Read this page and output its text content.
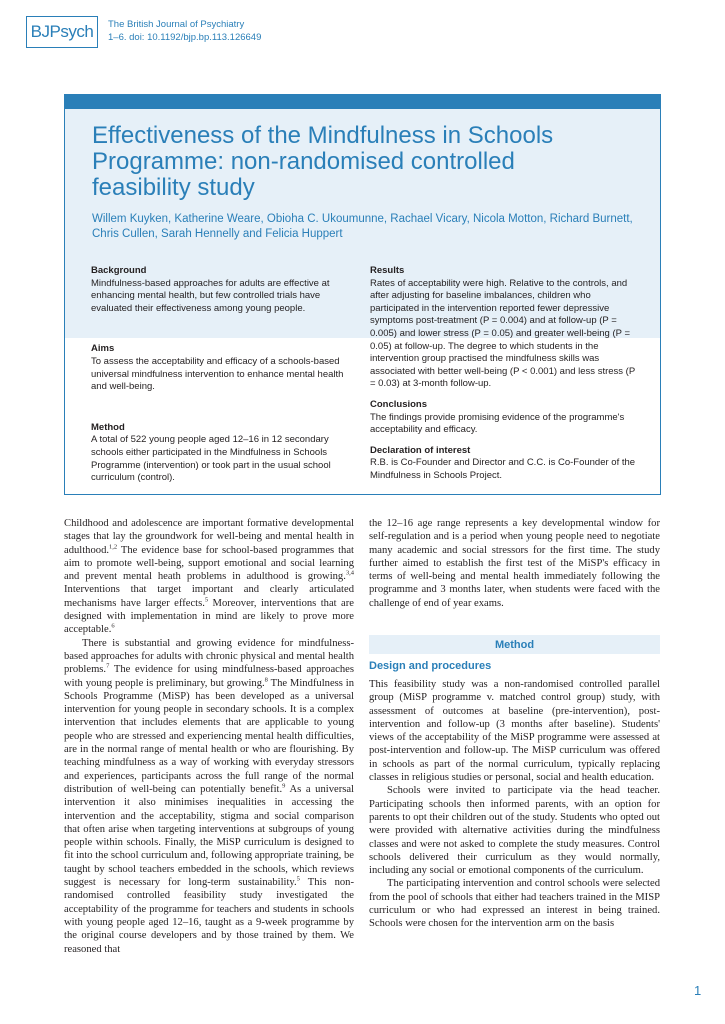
BJPsych The British Journal of Psychiatry
1–6. doi: 10.1192/bjp.bp.113.126649
Effectiveness of the Mindfulness in Schools Programme: non-randomised controlled feasibility study
Willem Kuyken, Katherine Weare, Obioha C. Ukoumunne, Rachael Vicary, Nicola Motton, Richard Burnett, Chris Cullen, Sarah Hennelly and Felicia Huppert

Background

Mindfulness-based approaches for adults are effective at enhancing mental health, but few controlled trials have evaluated their effectiveness among young people.

Aims

To assess the acceptability and efficacy of a schools-based universal mindfulness intervention to enhance mental health and well-being.

Method

A total of 522 young people aged 12–16 in 12 secondary schools either participated in the Mindfulness in Schools Programme (intervention) or took part in the usual school curriculum (control).

Results

Rates of acceptability were high. Relative to the controls, and after adjusting for baseline imbalances, children who participated in the intervention reported fewer depressive symptoms post-treatment (P = 0.004) and at follow-up (P = 0.005) and lower stress (P = 0.05) and greater well-being (P = 0.05) at follow-up. The degree to which students in the intervention group practised the mindfulness skills was associated with better well-being (P < 0.001) and less stress (P = 0.03) at 3-month follow-up.

Conclusions

The findings provide promising evidence of the programme's acceptability and efficacy.

Declaration of interest

R.B. is Co-Founder and Director and C.C. is Co-Founder of the Mindfulness in Schools Project.

Childhood and adolescence are important formative developmental stages that lay the groundwork for well-being and mental health in adulthood.$^{1,2}$ The evidence base for school-based programmes that aim to promote well-being, support emotional and social learning and prevent mental heath problems in adulthood is growing.$^{3,4}$ Interventions that target important and clearly articulated mechanisms have larger effects.$^5$ Moreover, interventions that are designed with implementation in mind are likely to prove more acceptable.$^6$

There is substantial and growing evidence for mindfulness-based approaches for adults with chronic physical and mental health problems.$^7$ The evidence for using mindfulness-based approaches with young people is preliminary, but growing.$^8$ The Mindfulness in Schools Programme (MiSP) has been developed as a universal intervention for young people in secondary schools. It is a complex intervention that includes elements that are applicable to young people who are stressed and experiencing mental health difficulties, are in the normal range of mental health or who are flourishing. By teaching mindfulness as a way of working with everyday stressors and experiences, participants across the full range of the normal distribution of well-being can potentially benefit.$^9$ As a universal intervention it also minimises inequalities in accessing the intervention and the acceptability, stigma and social comparison that often arise when targeting interventions at subgroups of young people within schools. Finally, the MiSP curriculum is designed to fit into the school curriculum and, following appropriate training, be taught by school teachers embedded in the schools, which reviews suggest is necessary for long-term sustainability.$^5$ This non-randomised controlled feasibility study investigated the acceptability of the programme for teachers and students in schools with young people aged 12–16, taught as a 9-week programme by the original course developers and by those trained by them. We reasoned that

the 12–16 age range represents a key developmental window for self-regulation and is a period when young people need to negotiate many academic and social stressors for the first time. The study further aimed to establish the first test of the MiSP's efficacy in terms of well-being and mental health immediately following the programme and 3 months later, when students were faced with the challenge of end of year exams.

Method
Design and procedures

This feasibility study was a non-randomised controlled parallel group (MiSP programme v. matched control group) study, with assessment of outcomes at baseline (pre-intervention), post-intervention and follow-up (3 months after baseline). Students' views of the acceptability of the MiSP programme were assessed at post-intervention and follow-up. The MiSP curriculum was offered in schools as part of the normal curriculum, typically replacing classes in religious studies or personal, social and health education.

Schools were invited to participate via the head teacher. Participating schools then informed parents, with an option for parents to opt their children out of the study. Students who opted out were provided with alternative activities during the mindfulness classes and were not asked to complete the study measures. Control schools delivered their curriculum as they would normally, including any social or emotional components of the curriculum.

The participating intervention and control schools were selected from the pool of schools that either had teachers trained in the MISP curriculum or who had expressed an interest in being trained. Schools were chosen for the intervention arm on the basis

1
